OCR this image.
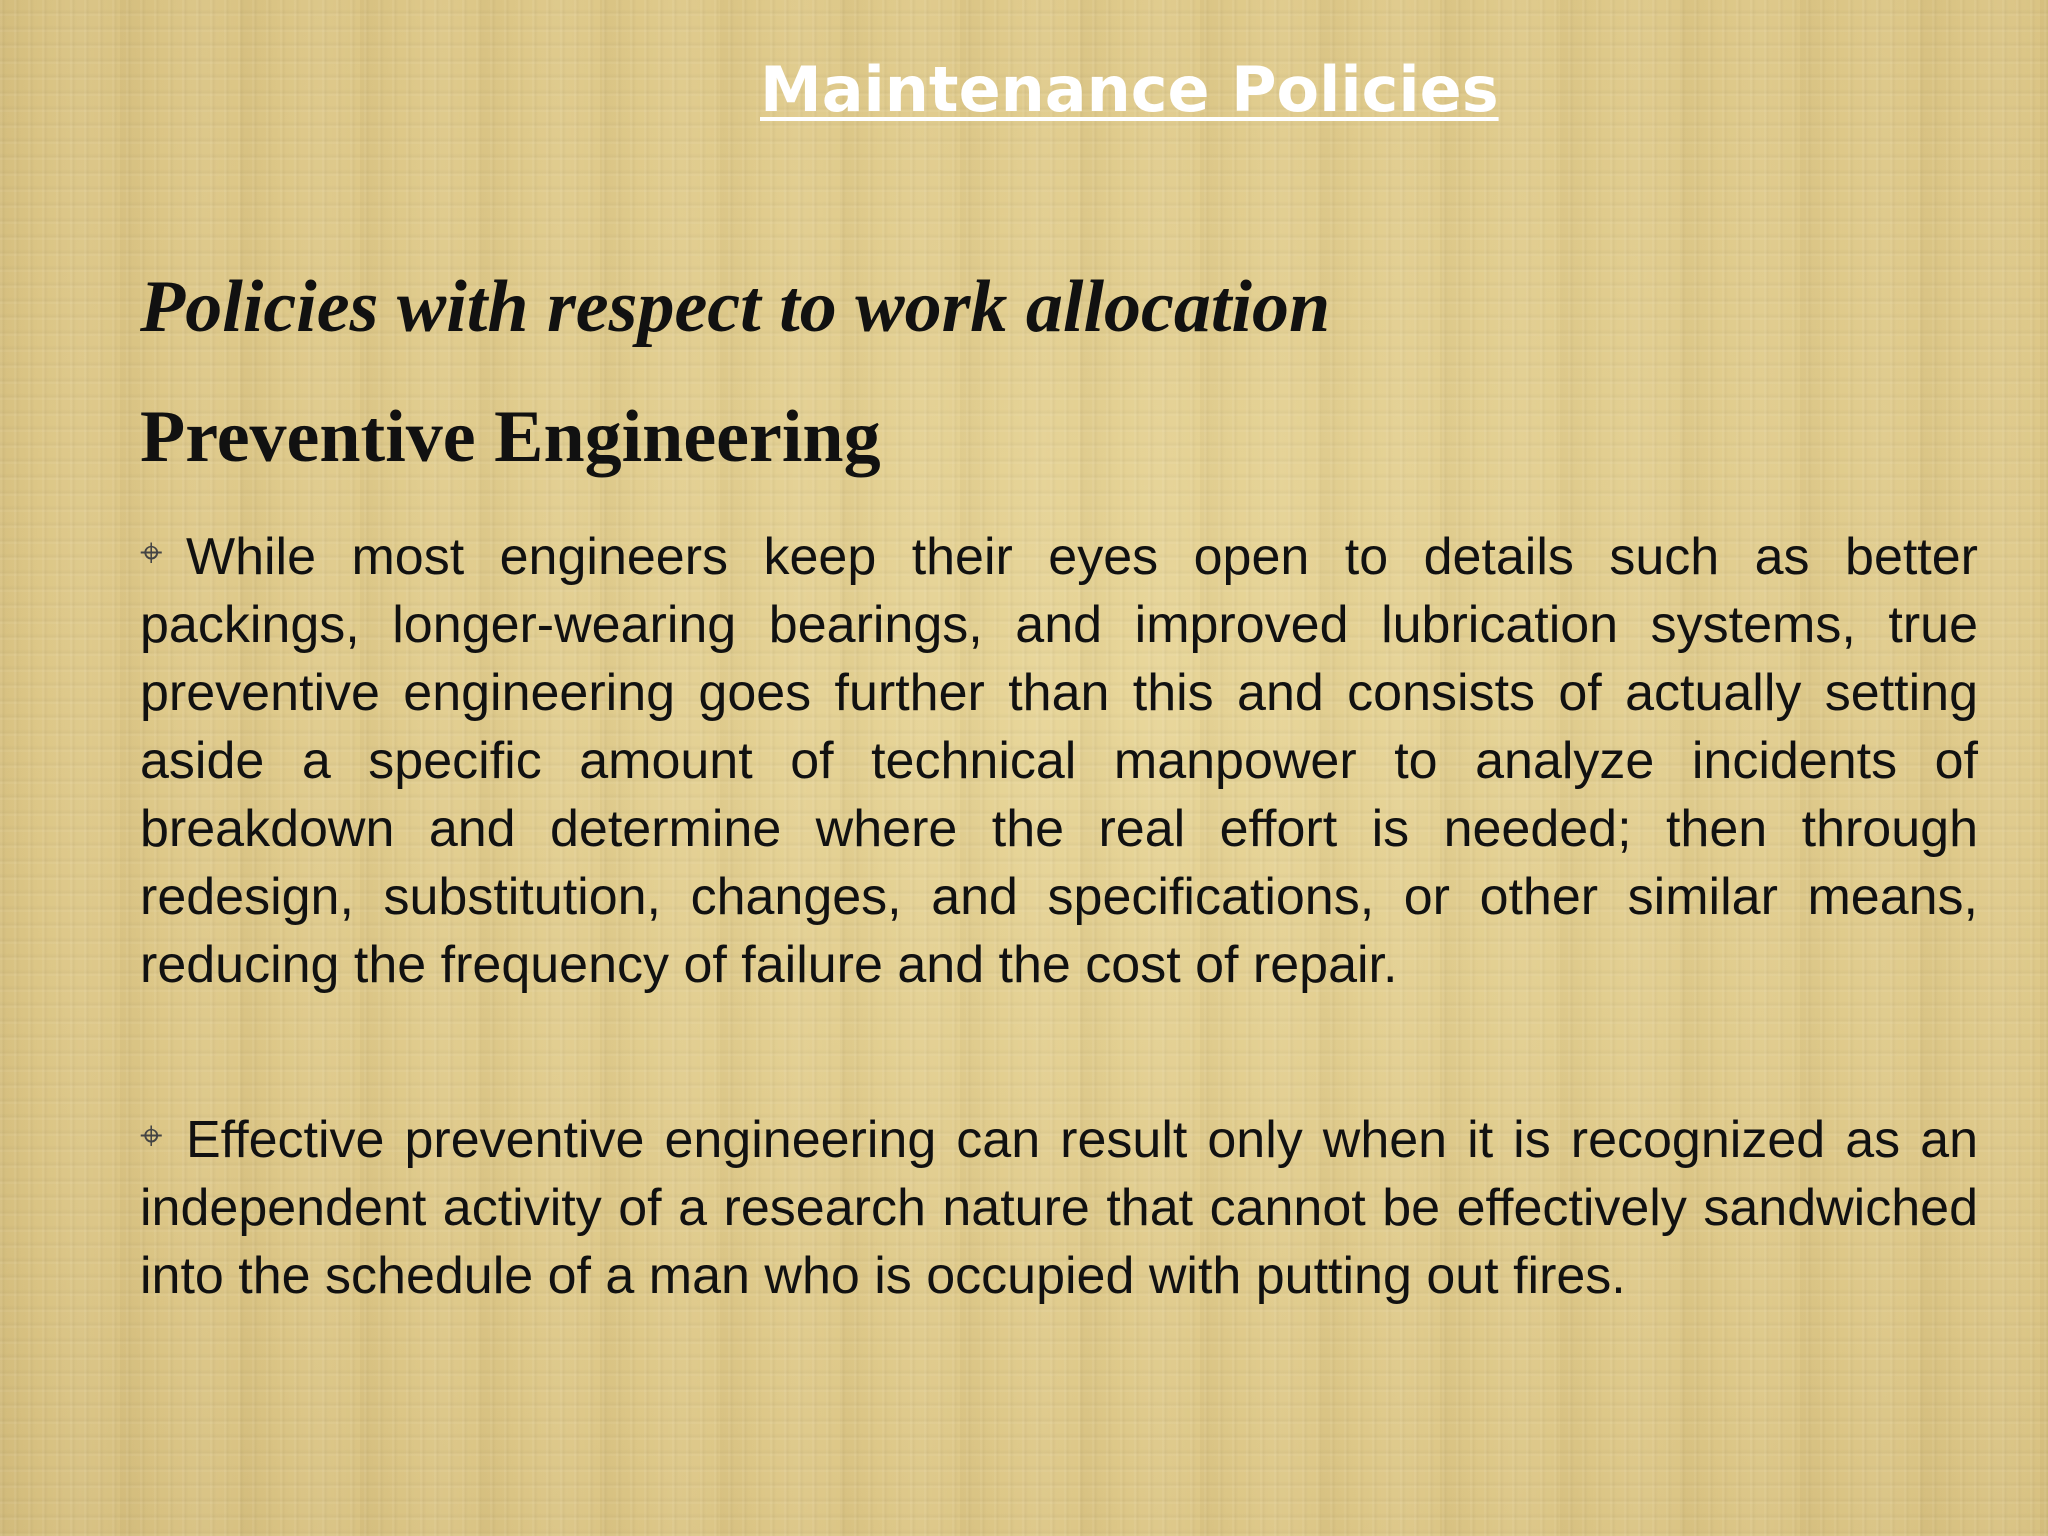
Maintenance Policies
Policies with respect to work allocation
Preventive Engineering

⌖ While most engineers keep their eyes open to details such as better packings, longer-wearing bearings, and improved lubrication systems, true preventive engineering goes further than this and consists of actually setting aside a specific amount of technical manpower to analyze incidents of breakdown and determine where the real effort is needed; then through redesign, substitution, changes, and specifications, or other similar means, reducing the frequency of failure and the cost of repair.

⌖ Effective preventive engineering can result only when it is recognized as an independent activity of a research nature that cannot be effectively sandwiched into the schedule of a man who is occupied with putting out fires.
